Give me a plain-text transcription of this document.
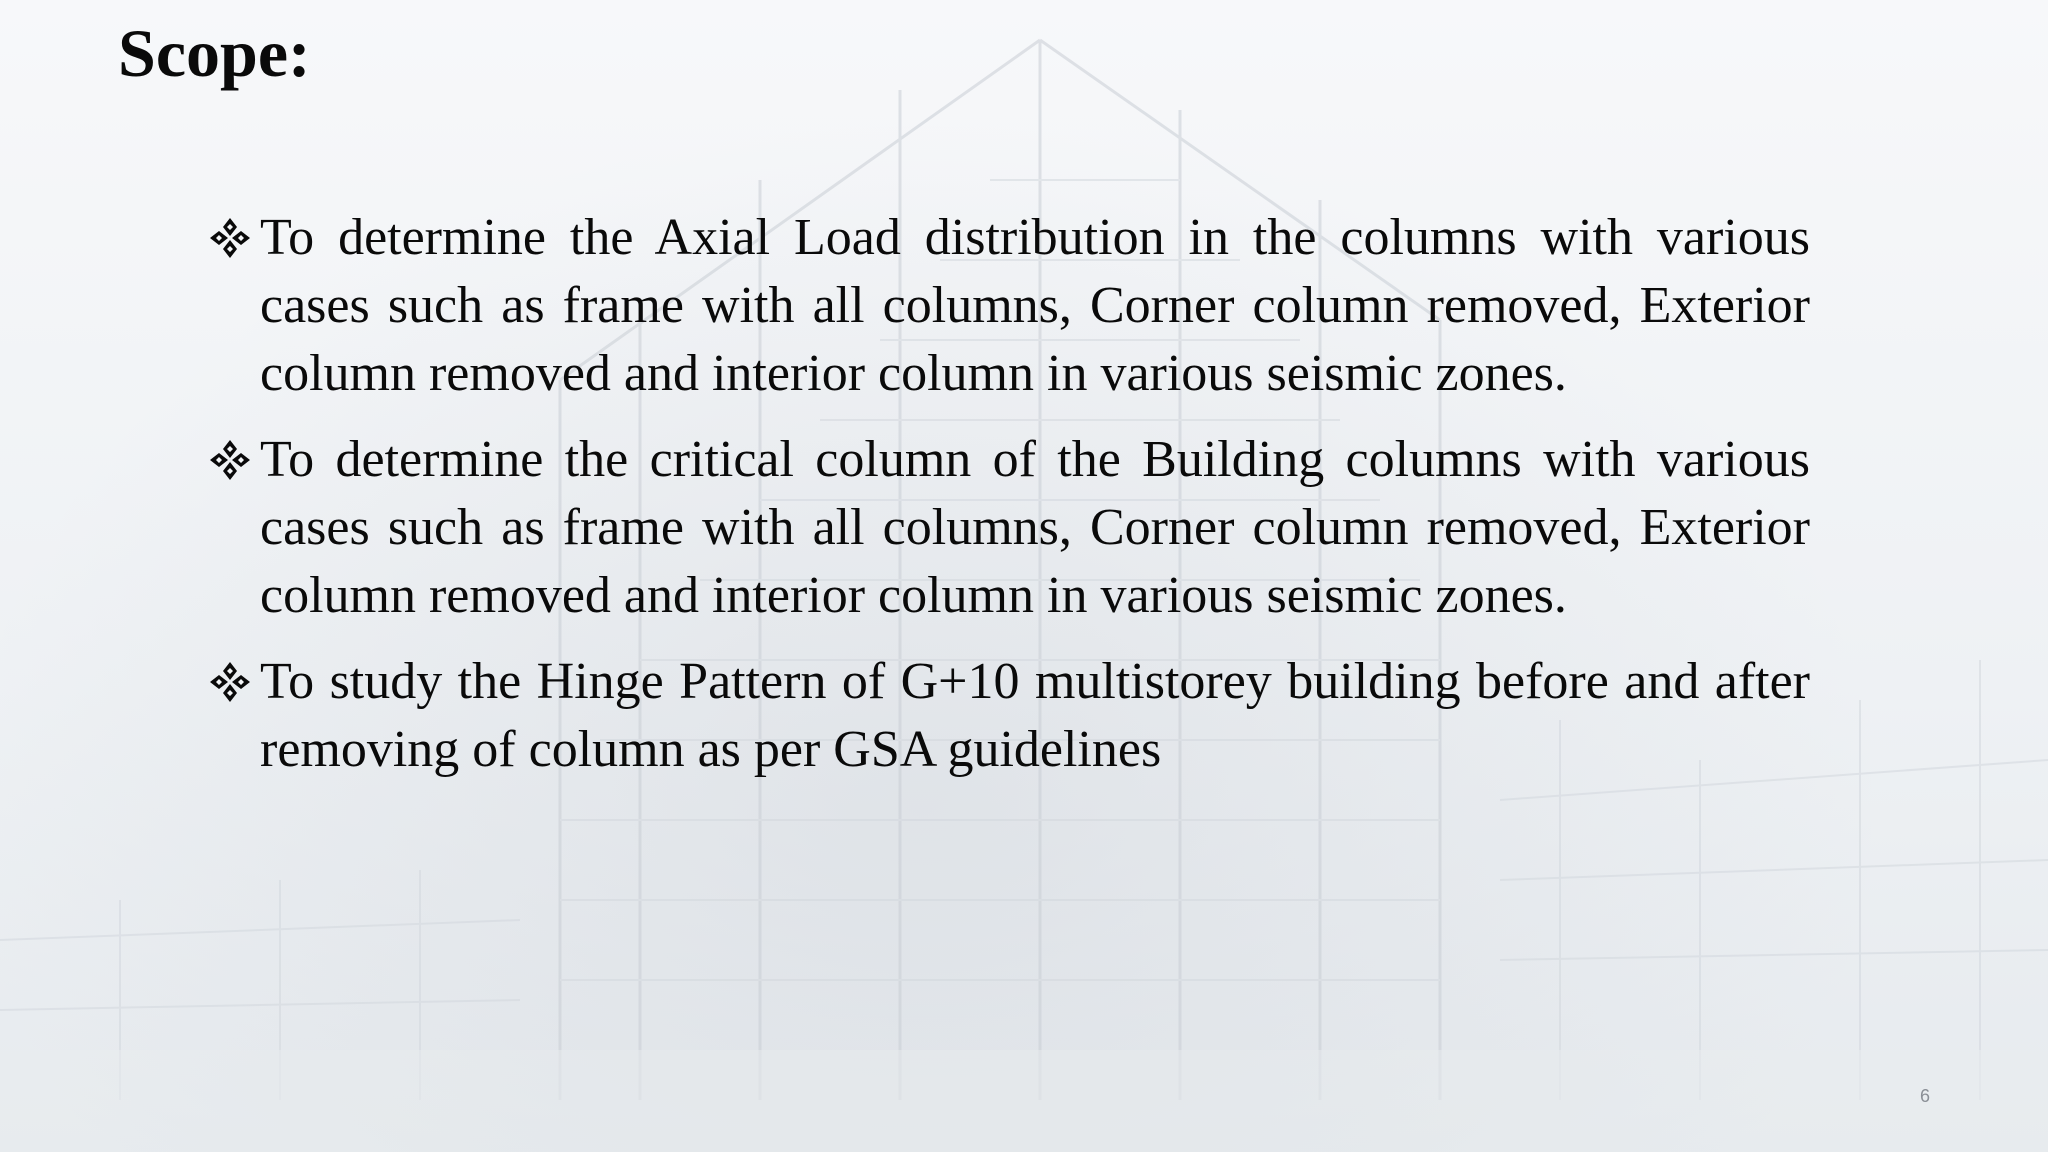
Scope:
To determine the Axial Load distribution in the columns with various cases such as frame with all columns, Corner column removed, Exterior column removed and interior column in various seismic zones.
To determine the critical column of the Building columns with various cases such as frame with all columns, Corner column removed, Exterior column removed and interior column in various seismic zones.
To study the Hinge Pattern of G+10 multistorey building before and after removing of column as per GSA guidelines
6
